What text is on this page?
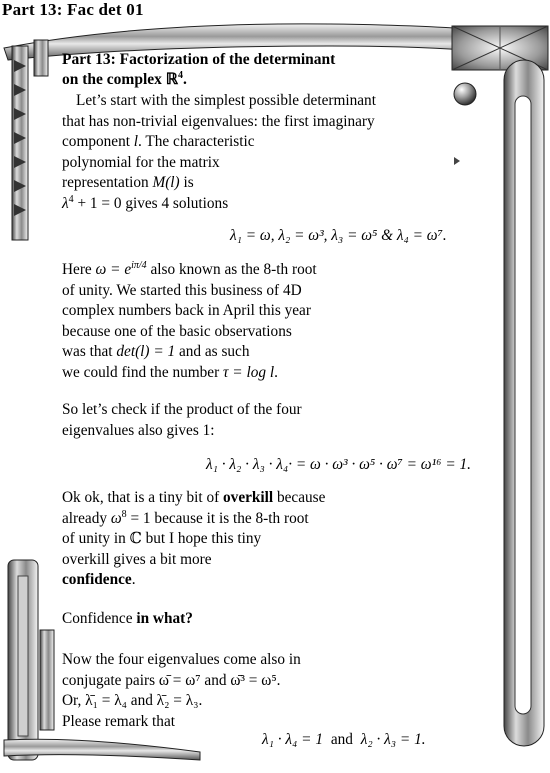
Part 13: Fac det 01
Part 13: Factorization of the determinant
on the complex ℝ$^4$.
Let’s start with the simplest possible determinant
that has non-trivial eigenvalues: the first imaginary
component l. The characteristic
polynomial for the matrix
representation M(l) is
$\lambda^4 + 1 = 0$ gives 4 solutions
λ₁ = ω, λ₂ = ω³, λ₃ = ω⁵ & λ₄ = ω⁷.
Here $\omega = e^{i\pi/4}$ also known as the 8-th root
of unity. We started this business of 4D
complex numbers back in April this year
because one of the basic observations
was that det(l) = 1 and as such
we could find the number τ = log l.
So let’s check if the product of the four
eigenvalues also gives 1:
λ₁ · λ₂ · λ₃ · λ₄· = ω · ω³ · ω⁵ · ω⁷ = ω¹⁶ = 1.
Ok ok, that is a tiny bit of overkill because
already $\omega^8 = 1$ because it is the 8-th root
of unity in ℂ but I hope this tiny
overkill gives a bit more
confidence.
Confidence in what?
Now the four eigenvalues come also in
conjugate pairs ω̄ = ω⁷ and ω̄³ = ω⁵.
Or, λ̄₁ = λ₄ and λ̄₂ = λ₃.
Please remark that
λ₁ · λ₄ = 1 and λ₂ · λ₃ = 1.
